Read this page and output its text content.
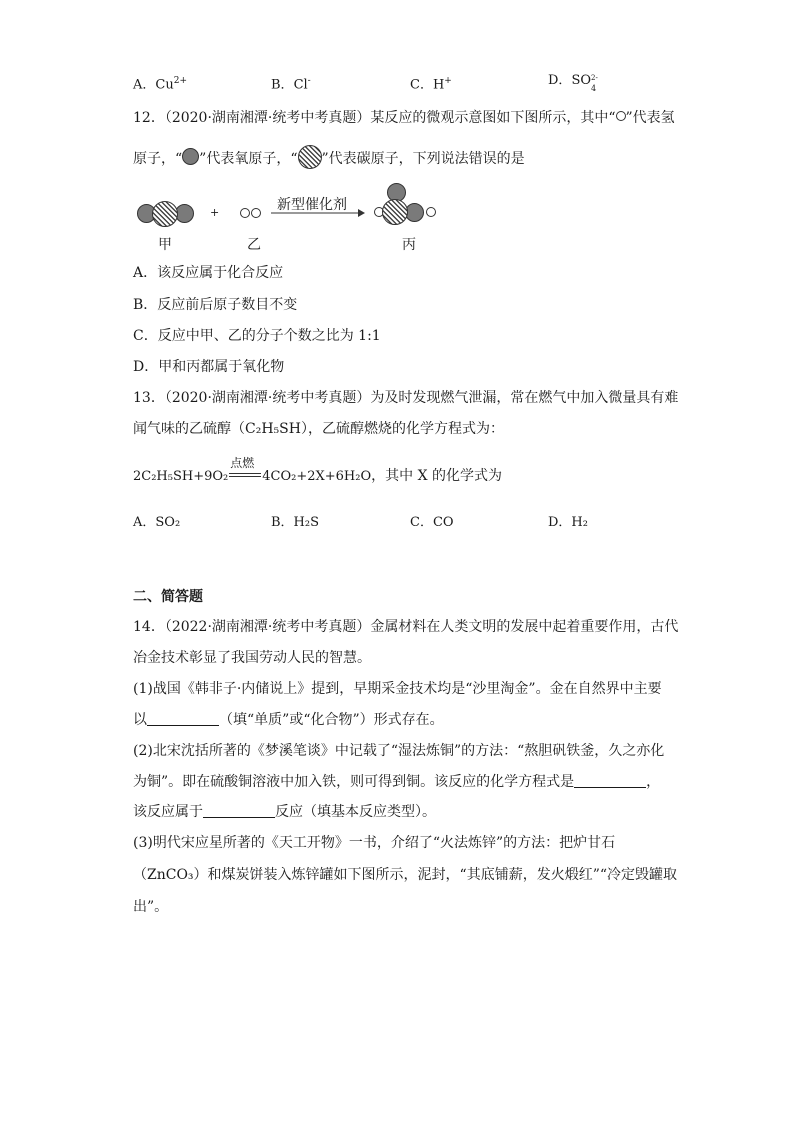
A．$Cu^{2+}$	B．Cl-	C．H+	D．SO 2-
4
12．（2020·湖南湘潭·统考中考真题）某反应的微观示意图如下图所示，其中“ ”代表氢
原子，“ ”代表氧原子，“ ”代表碳原子，下列说法错误的是
+	新型催化剂
甲	乙	丙
A．该反应属于化合反应
B．反应前后原子数目不变
C．反应中甲、乙的分子个数之比为 1:1
D．甲和丙都属于氧化物
13．（2020·湖南湘潭·统考中考真题）为及时发现燃气泄漏，常在燃气中加入微量具有难
闻气味的乙硫醇（C₂H₅SH），乙硫醇燃烧的化学方程式为：
2C₂H₅SH+9O₂
点燃
4CO₂+2X+6H₂O，其中 X 的化学式为
A．SO₂	B．H₂S	C．CO	D．H₂
二、简答题
14．（2022·湖南湘潭·统考中考真题）金属材料在人类文明的发展中起着重要作用，古代
冶金技术彰显了我国劳动人民的智慧。
(1)战国《韩非子·内储说上》提到，早期采金技术均是“沙里淘金”。金在自然界中主要
以	（填“单质”或“化合物”）形式存在。
(2)北宋沈括所著的《梦溪笔谈》中记载了“湿法炼铜”的方法：“熬胆矾铁釜，久之亦化
为铜”。即在硫酸铜溶液中加入铁，则可得到铜。该反应的化学方程式是	，
该反应属于	反应（填基本反应类型）。
(3)明代宋应星所著的《天工开物》一书，介绍了“火法炼锌”的方法：把炉甘石
（ZnCO₃）和煤炭饼装入炼锌罐如下图所示，泥封，“其底铺薪，发火煅红”“冷定毁罐取
出”。
